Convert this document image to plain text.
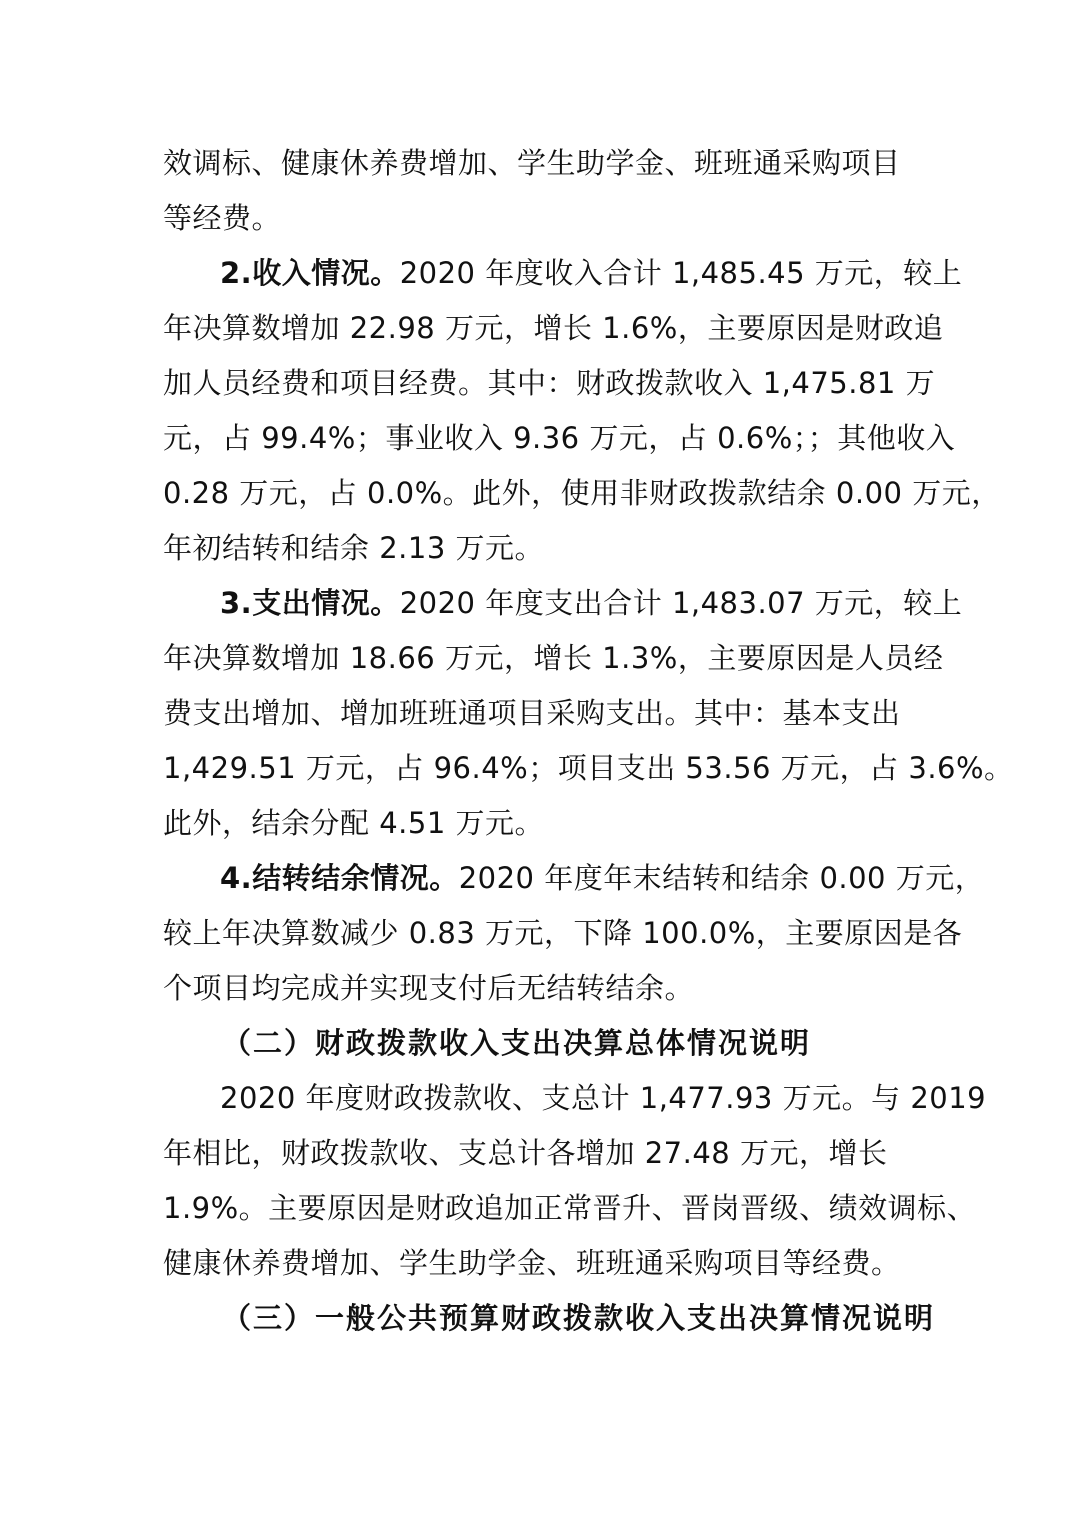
效调标、健康休养费增加、学生助学金、班班通采购项目
等经费。
2.收入情况。2020 年度收入合计 1,485.45 万元，较上
年决算数增加 22.98 万元，增长 1.6%，主要原因是财政追
加人员经费和项目经费。其中：财政拨款收入 1,475.81 万
元，占 99.4%；事业收入 9.36 万元，占 0.6%；；其他收入
0.28 万元，占 0.0%。此外，使用非财政拨款结余 0.00 万元，
年初结转和结余 2.13 万元。
3.支出情况。2020 年度支出合计 1,483.07 万元，较上
年决算数增加 18.66 万元，增长 1.3%，主要原因是人员经
费支出增加、增加班班通项目采购支出。其中：基本支出
1,429.51 万元，占 96.4%；项目支出 53.56 万元，占 3.6%。
此外，结余分配 4.51 万元。
4.结转结余情况。2020 年度年末结转和结余 0.00 万元，
较上年决算数减少 0.83 万元，下降 100.0%，主要原因是各
个项目均完成并实现支付后无结转结余。
（二）财政拨款收入支出决算总体情况说明
2020 年度财政拨款收、支总计 1,477.93 万元。与 2019
年相比，财政拨款收、支总计各增加 27.48 万元，增长
1.9%。主要原因是财政追加正常晋升、晋岗晋级、绩效调标、
健康休养费增加、学生助学金、班班通采购项目等经费。
（三）一般公共预算财政拨款收入支出决算情况说明
